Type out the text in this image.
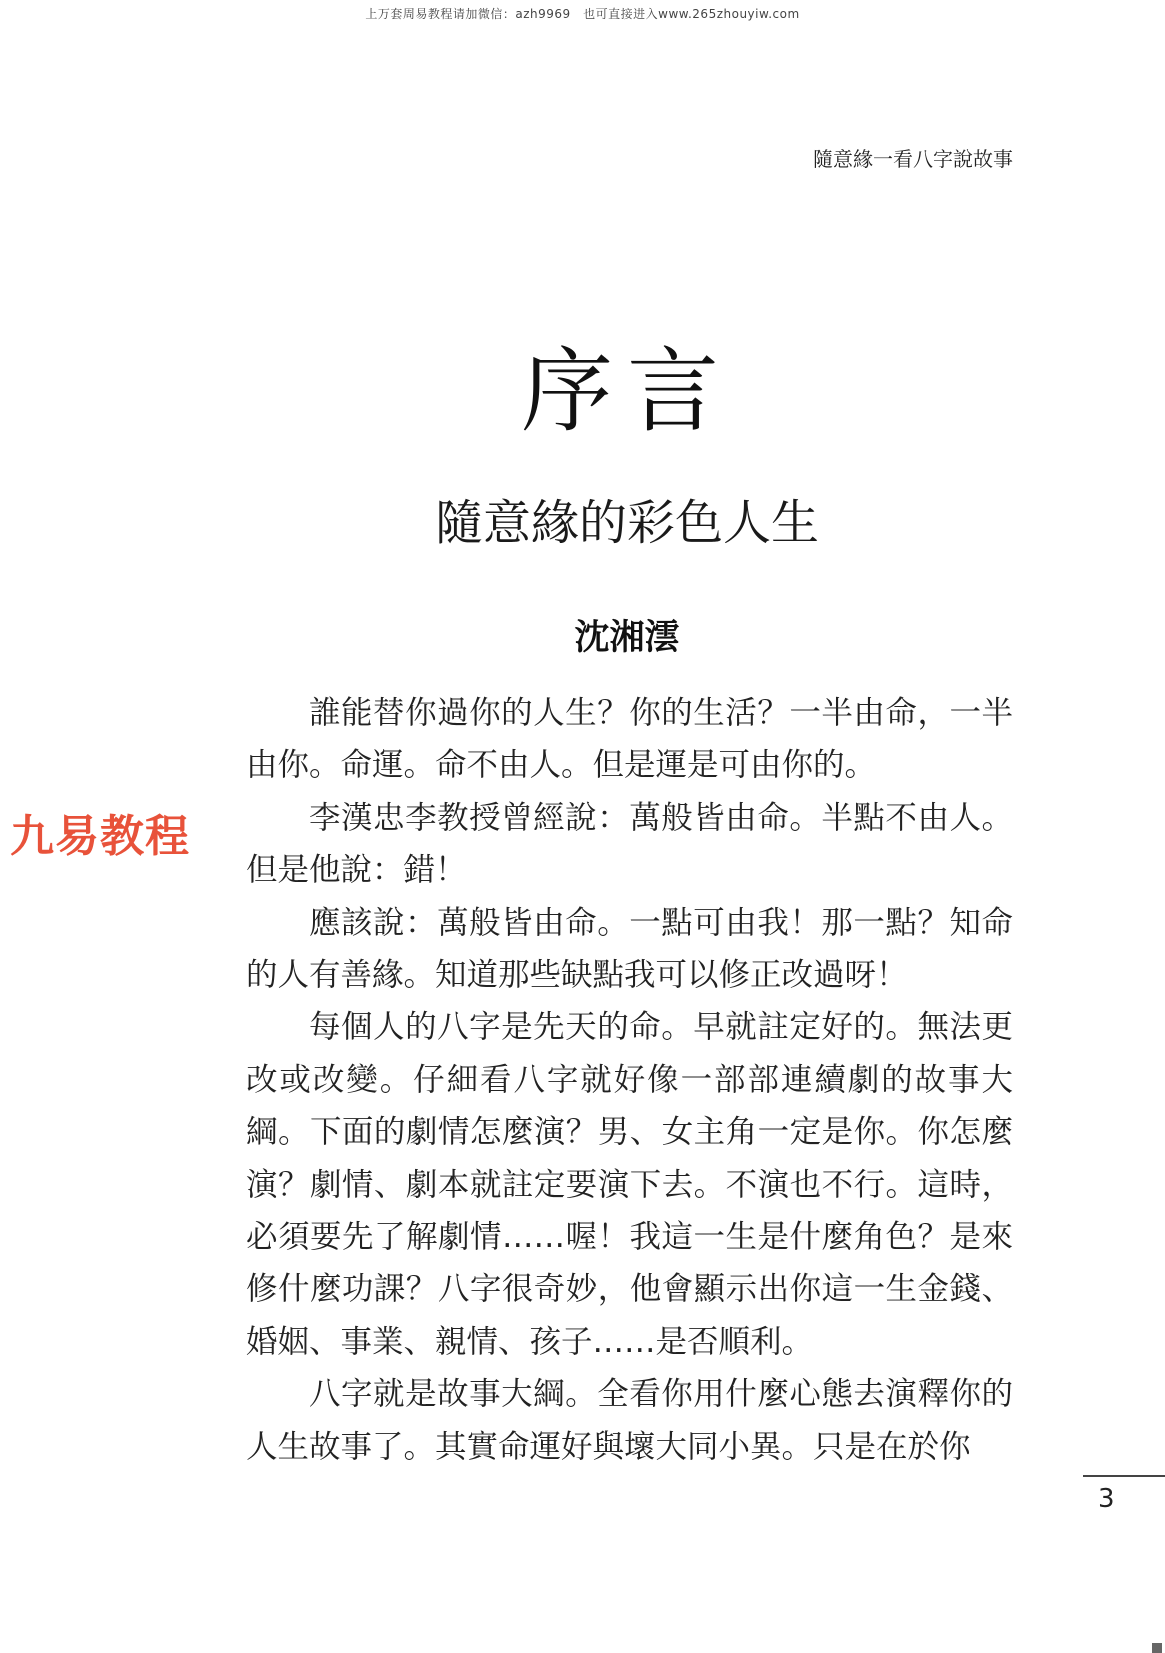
上万套周易教程请加微信：azh9969　也可直接进入www.265zhouyiw.com
隨意緣一看八字說故事
序言
隨意緣的彩色人生
沈湘澐

誰能替你過你的人生？你的生活？一半由命，一半由你。命運。命不由人。但是運是可由你的。

李漢忠李教授曾經說：萬般皆由命。半點不由人。但是他說：錯！

應該說：萬般皆由命。一點可由我！那一點？知命的人有善緣。知道那些缺點我可以修正改過呀！

每個人的八字是先天的命。早就註定好的。無法更改或改變。仔細看八字就好像一部部連續劇的故事大綱。下面的劇情怎麼演？男、女主角一定是你。你怎麼演？劇情、劇本就註定要演下去。不演也不行。這時，必須要先了解劇情……喔！我這一生是什麼角色？是來修什麼功課？八字很奇妙，他會顯示出你這一生金錢、婚姻、事業、親情、孩子……是否順利。

八字就是故事大綱。全看你用什麼心態去演釋你的人生故事了。其實命運好與壞大同小異。只是在於你

九易教程
3
